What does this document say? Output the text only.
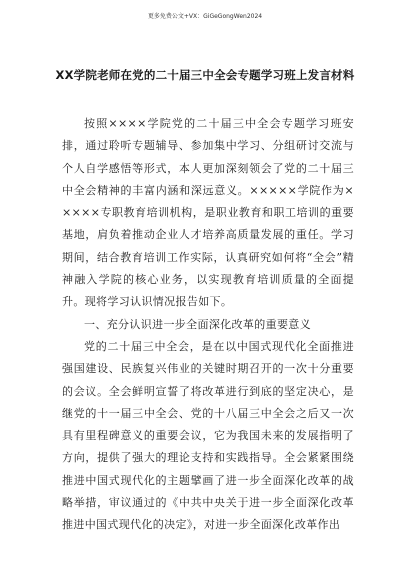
更多免费公文+VX：GiGeGongWen2024
XX学院老师在党的二十届三中全会专题学习班上发言材料

按照××××学院党的二十届三中全会专题学习班安排，通过聆听专题辅导、参加集中学习、分组研讨交流与个人自学感悟等形式，本人更加深刻领会了党的二十届三中全会精神的丰富内涵和深远意义。×××××学院作为×××××专职教育培训机构，是职业教育和职工培训的重要基地，肩负着推动企业人才培养高质量发展的重任。学习期间，结合教育培训工作实际，认真研究如何将“全会”精神融入学院的核心业务，以实现教育培训质量的全面提升。现将学习认识情况报告如下。

一、充分认识进一步全面深化改革的重要意义

党的二十届三中全会，是在以中国式现代化全面推进强国建设、民族复兴伟业的关键时期召开的一次十分重要的会议。全会鲜明宣誓了将改革进行到底的坚定决心，是继党的十一届三中全会、党的十八届三中全会之后又一次具有里程碑意义的重要会议，它为我国未来的发展指明了方向，提供了强大的理论支持和实践指导。全会紧紧围绕推进中国式现代化的主题擘画了进一步全面深化改革的战略举措，审议通过的《中共中央关于进一步全面深化改革推进中国式现代化的决定》，对进一步全面深化改革作出
